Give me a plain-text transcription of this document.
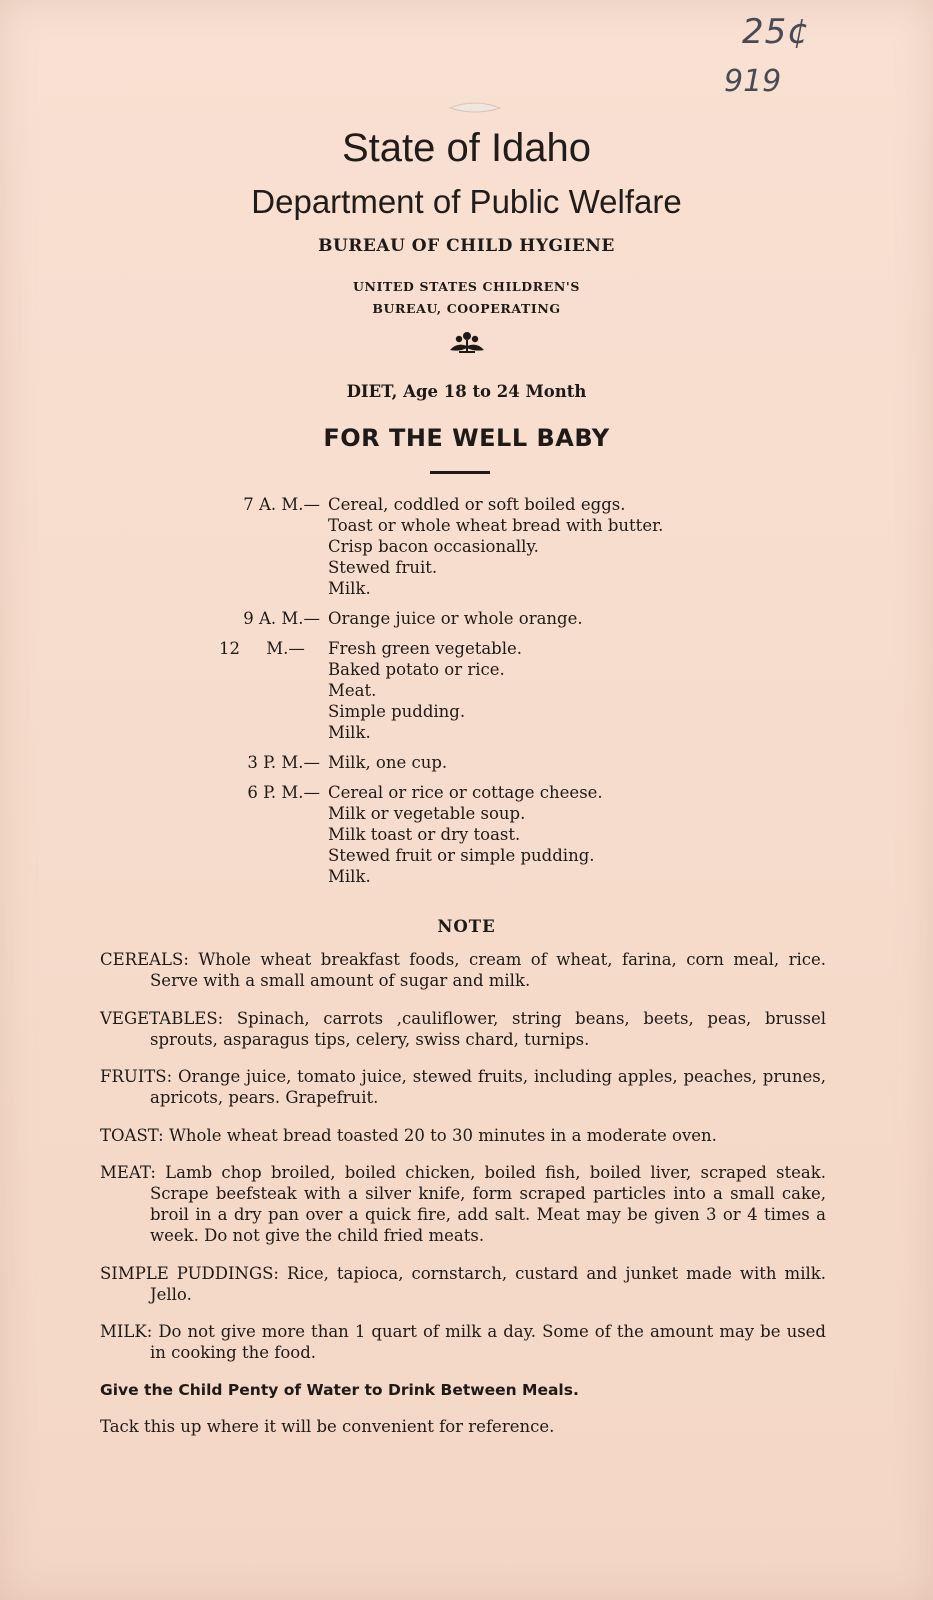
25¢
919
State of Idaho
Department of Public Welfare
BUREAU OF CHILD HYGIENE
UNITED STATES CHILDREN'S
BUREAU, COOPERATING
DIET, Age 18 to 24 Month
FOR THE WELL BABY
7 A. M.— Cereal, coddled or soft boiled eggs.
Toast or whole wheat bread with butter.
Crisp bacon occasionally.
Stewed fruit.
Milk.
9 A. M.— Orange juice or whole orange.
12     M.—	Fresh green vegetable.
Baked potato or rice.
Meat.
Simple pudding.
Milk.
3 P. M.— Milk, one cup.
6 P. M.— Cereal or rice or cottage cheese.
Milk or vegetable soup.
Milk toast or dry toast.
Stewed fruit or simple pudding.
Milk.
NOTE

CEREALS: Whole wheat breakfast foods, cream of wheat, farina, corn meal, rice. Serve with a small amount of sugar and milk.

VEGETABLES: Spinach, carrots ,cauliflower, string beans, beets, peas, brussel sprouts, asparagus tips, celery, swiss chard, turnips.

FRUITS: Orange juice, tomato juice, stewed fruits, including apples, peaches, prunes, apricots, pears. Grapefruit.

TOAST: Whole wheat bread toasted 20 to 30 minutes in a moderate oven.

MEAT: Lamb chop broiled, boiled chicken, boiled fish, boiled liver, scraped steak. Scrape beefsteak with a silver knife, form scraped particles into a small cake, broil in a dry pan over a quick fire, add salt. Meat may be given 3 or 4 times a week. Do not give the child fried meats.

SIMPLE PUDDINGS: Rice, tapioca, cornstarch, custard and junket made with milk. Jello.

MILK: Do not give more than 1 quart of milk a day. Some of the amount may be used in cooking the food.

Give the Child Penty of Water to Drink Between Meals.
Tack this up where it will be convenient for reference.
